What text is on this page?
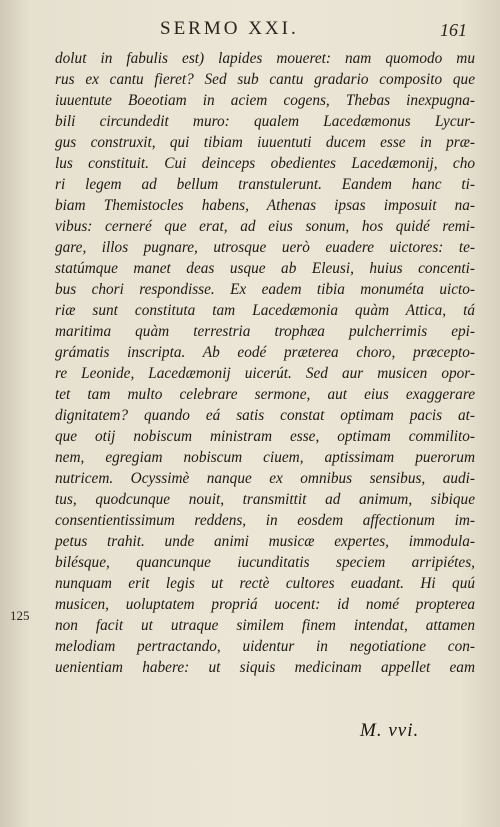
SERMO XXI.	161
125
dolut in fabulis est) lapides moueret: nam quomodo mu
rus ex cantu fieret? Sed sub cantu gradario composito que
iuuentute Boeotiam in aciem cogens, Thebas inexpugna-
bili circundedit muro: qualem Lacedæmonus Lycur-
gus construxit, qui tibiam iuuentuti ducem esse in præ-
lus constituit. Cui deinceps obedientes Lacedæmonij, cho
ri legem ad bellum transtulerunt. Eandem hanc ti-
biam Themistocles habens, Athenas ipsas imposuit na-
vibus: cerneré que erat, ad eius sonum, hos quidé remi-
gare, illos pugnare, utrosque uerò euadere uictores: te-
statúmque manet deas usque ab Eleusi, huius concenti-
bus chori respondisse. Ex eadem tibia monuméta uicto-
riæ sunt constituta tam Lacedæmonia quàm Attica, tá
maritima quàm terrestria trophæa pulcherrimis epi-
grámatis inscripta. Ab eodé præterea choro, præcepto-
re Leonide, Lacedæmonij uicerút. Sed aur musicen opor-
tet tam multo celebrare sermone, aut eius exaggerare
dignitatem? quando eá satis constat optimam pacis at-
que otij nobiscum ministram esse, optimam commilito-
nem, egregiam nobiscum ciuem, aptissimam puerorum
nutricem. Ocyssimè nanque ex omnibus sensibus, audi-
tus, quodcunque nouit, transmittit ad animum, sibique
consentientissimum reddens, in eosdem affectionum im-
petus trahit. unde animi musicæ expertes, immodula-
bilésque, quancunque iucunditatis speciem arripiétes,
nunquam erit legis ut rectè cultores euadant. Hi quú
musicen, uoluptatem propriá uocent: id nomé propterea
non facit ut utraque similem finem intendat, attamen
melodiam pertractando, uidentur in negotiatione con-
uenientiam habere: ut siquis medicinam appellet eam
M. vvi.
